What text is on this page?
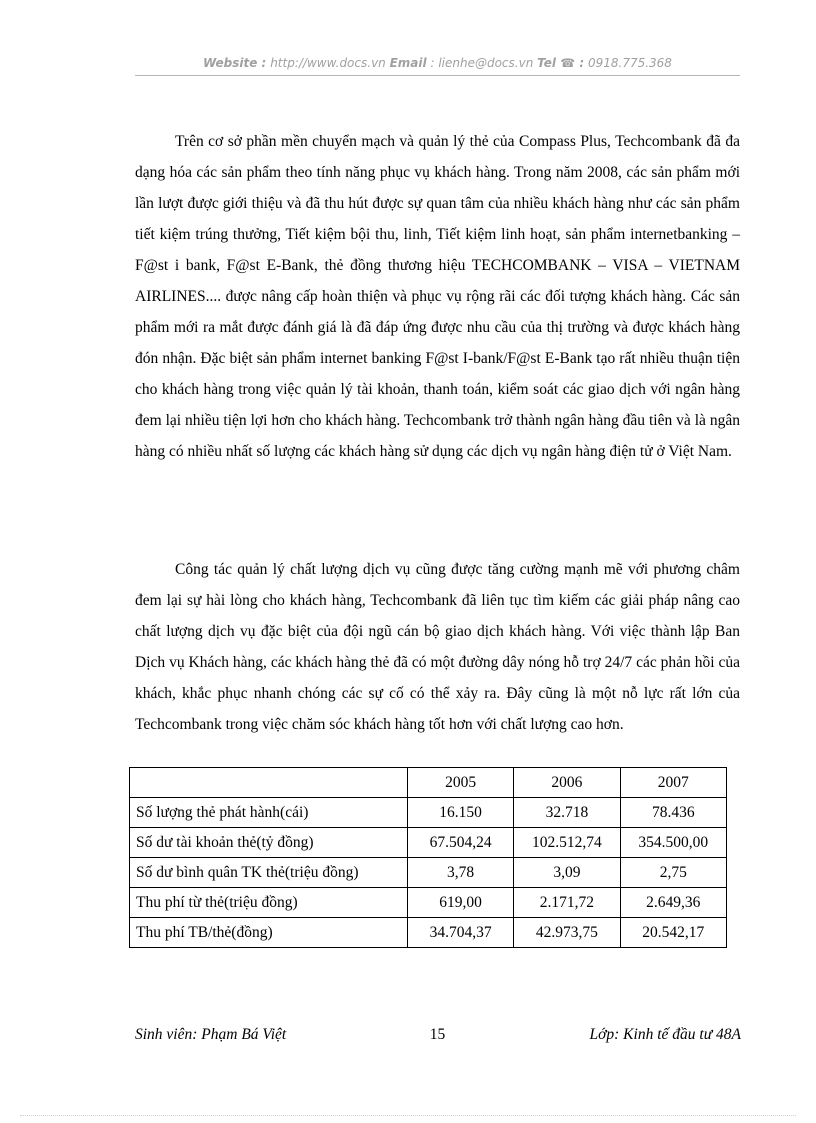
Website : http://www.docs.vn Email : lienhe@docs.vn Tel ☎ : 0918.775.368

Trên cơ sở phần mền chuyển mạch và quản lý thẻ của Compass Plus, Techcombank đã đa dạng hóa các sản phẩm theo tính năng phục vụ khách hàng. Trong năm 2008, các sản phẩm mới lần lượt được giới thiệu và đã thu hút được sự quan tâm của nhiều khách hàng như các sản phẩm tiết kiệm trúng thưởng, Tiết kiệm bội thu, linh, Tiết kiệm linh hoạt, sản phẩm internetbanking – F@st i bank, F@st E-Bank, thẻ đồng thương hiệu TECHCOMBANK – VISA – VIETNAM AIRLINES.... được nâng cấp hoàn thiện và phục vụ rộng rãi các đối tượng khách hàng. Các sản phẩm mới ra mắt được đánh giá là đã đáp ứng được nhu cầu của thị trường và được khách hàng đón nhận. Đặc biệt sản phẩm internet banking F@st I-bank/F@st E-Bank tạo rất nhiều thuận tiện cho khách hàng trong việc quản lý tài khoản, thanh toán, kiểm soát các giao dịch với ngân hàng đem lại nhiều tiện lợi hơn cho khách hàng. Techcombank trở thành ngân hàng đầu tiên và là ngân hàng có nhiều nhất số lượng các khách hàng sử dụng các dịch vụ ngân hàng điện tử ở Việt Nam.

Công tác quản lý chất lượng dịch vụ cũng được tăng cường mạnh mẽ với phương châm đem lại sự hài lòng cho khách hàng, Techcombank đã liên tục tìm kiếm các giải pháp nâng cao chất lượng dịch vụ đặc biệt của đội ngũ cán bộ giao dịch khách hàng. Với việc thành lập Ban Dịch vụ Khách hàng, các khách hàng thẻ đã có một đường dây nóng hỗ trợ 24/7 các phản hồi của khách, khắc phục nhanh chóng các sự cố có thể xảy ra. Đây cũng là một nỗ lực rất lớn của Techcombank trong việc chăm sóc khách hàng tốt hơn với chất lượng cao hơn.

	2005	2006	2007
Số lượng thẻ phát hành(cái)	16.150	32.718	78.436
Số dư tài khoản thẻ(tỷ đồng)	67.504,24	102.512,74	354.500,00
Số dư bình quân TK thẻ(triệu đồng)	3,78	3,09	2,75
Thu phí từ thẻ(triệu đồng)	619,00	2.171,72	2.649,36
Thu phí TB/thẻ(đồng)	34.704,37	42.973,75	20.542,17
Sinh viên: Phạm Bá Việt	15	Lớp: Kinh tế đầu tư 48A
